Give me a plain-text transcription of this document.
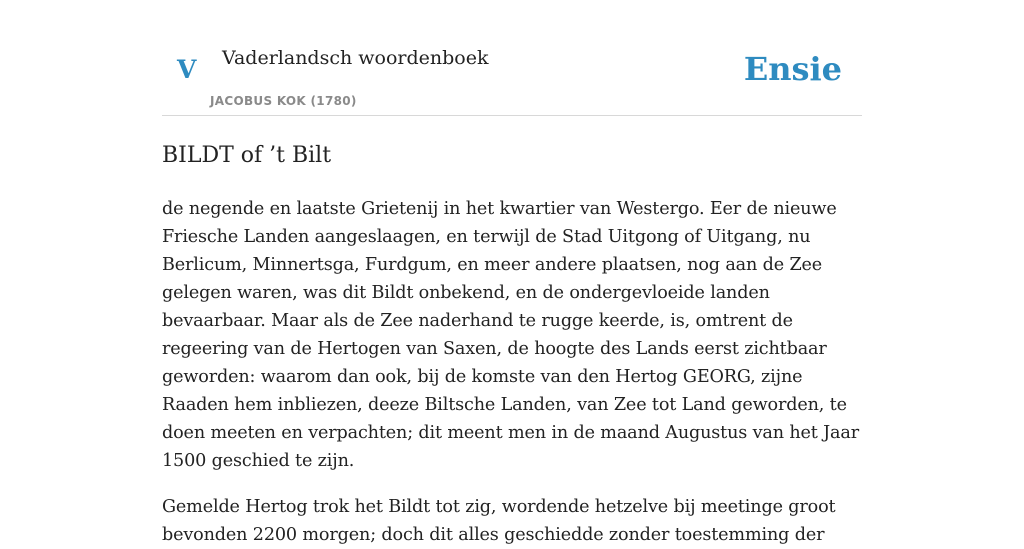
V Vaderlandsch woordenboek
JACOBUS KOK (1780)
Ensie
BILDT of ’t Bilt

de negende en laatste Grietenij in het kwartier van Westergo. Eer de nieuwe Friesche Landen aangeslaagen, en terwijl de Stad Uitgong of Uitgang, nu Berlicum, Minnertsga, Furdgum, en meer andere plaatsen, nog aan de Zee gelegen waren, was dit Bildt onbekend, en de ondergevloeide landen bevaarbaar. Maar als de Zee naderhand te rugge keerde, is, omtrent de regeering van de Hertogen van Saxen, de hoogte des Lands eerst zichtbaar geworden: waarom dan ook, bij de komste van den Hertog GEORG, zijne Raaden hem inbliezen, deeze Biltsche Landen, van Zee tot Land geworden, te doen meeten en verpachten; dit meent men in de maand Augustus van het Jaar 1500 geschied te zijn.

Gemelde Hertog trok het Bildt tot zig, wordende hetzelve bij meetinge groot bevonden 2200 morgen; doch dit alles geschiedde zonder toestemming der
